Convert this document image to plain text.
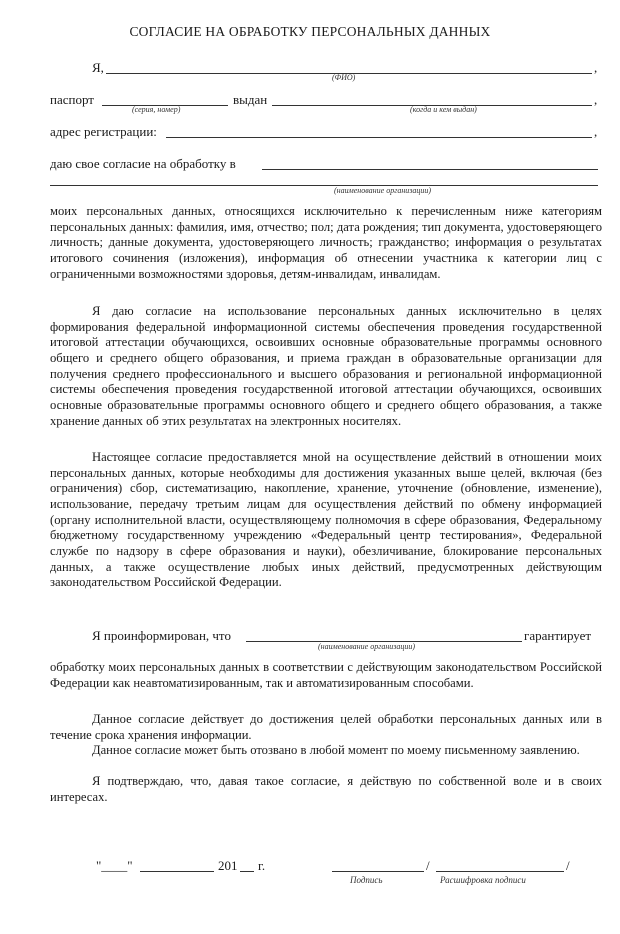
СОГЛАСИЕ НА ОБРАБОТКУ ПЕРСОНАЛЬНЫХ ДАННЫХ
Я,	,
(ФИО)
паспорт
(серия, номер)
выдан	,
(когда и кем выдан)
адрес регистрации:	,
даю свое согласие на обработку в
(наименование организации)

моих персональных данных, относящихся исключительно к перечисленным ниже категориям персональных данных: фамилия, имя, отчество; пол; дата рождения; тип документа, удостоверяющего личность; данные документа, удостоверяющего личность; гражданство; информация о результатах итогового сочинения (изложения), информация об отнесении участника к категории лиц с ограниченными возможностями здоровья, детям-инвалидам, инвалидам.

Я даю согласие на использование персональных данных исключительно в целях формирования федеральной информационной системы обеспечения проведения государственной итоговой аттестации обучающихся, освоивших основные образовательные программы основного общего и среднего общего образования, и приема граждан в образовательные организации для получения среднего профессионального и высшего образования и региональной информационной системы обеспечения проведения государственной итоговой аттестации обучающихся, освоивших основные образовательные программы основного общего и среднего общего образования, а также хранение данных об этих результатах на электронных носителях.

Настоящее согласие предоставляется мной на осуществление действий в отношении моих персональных данных, которые необходимы для достижения указанных выше целей, включая (без ограничения) сбор, систематизацию, накопление, хранение, уточнение (обновление, изменение), использование, передачу третьим лицам для осуществления действий по обмену информацией (органу исполнительной власти, осуществляющему полномочия в сфере образования, Федеральному бюджетному государственному учреждению «Федеральный центр тестирования», Федеральной службе по надзору в сфере образования и науки), обезличивание, блокирование персональных данных, а также осуществление любых иных действий, предусмотренных действующим законодательством Российской Федерации.

Я проинформирован, что	гарантирует
(наименование организации)

обработку моих персональных данных в соответствии с действующим законодательством Российской Федерации как неавтоматизированным, так и автоматизированным способами.

Данное согласие действует до достижения целей обработки персональных данных или в течение срока хранения информации.

Данное согласие может быть отозвано в любой момент по моему письменному заявлению.

Я подтверждаю, что, давая такое согласие, я действую по собственной воле и в своих интересах.

"____"	201 г.	/	/
Подпись	Расшифровка подписи
